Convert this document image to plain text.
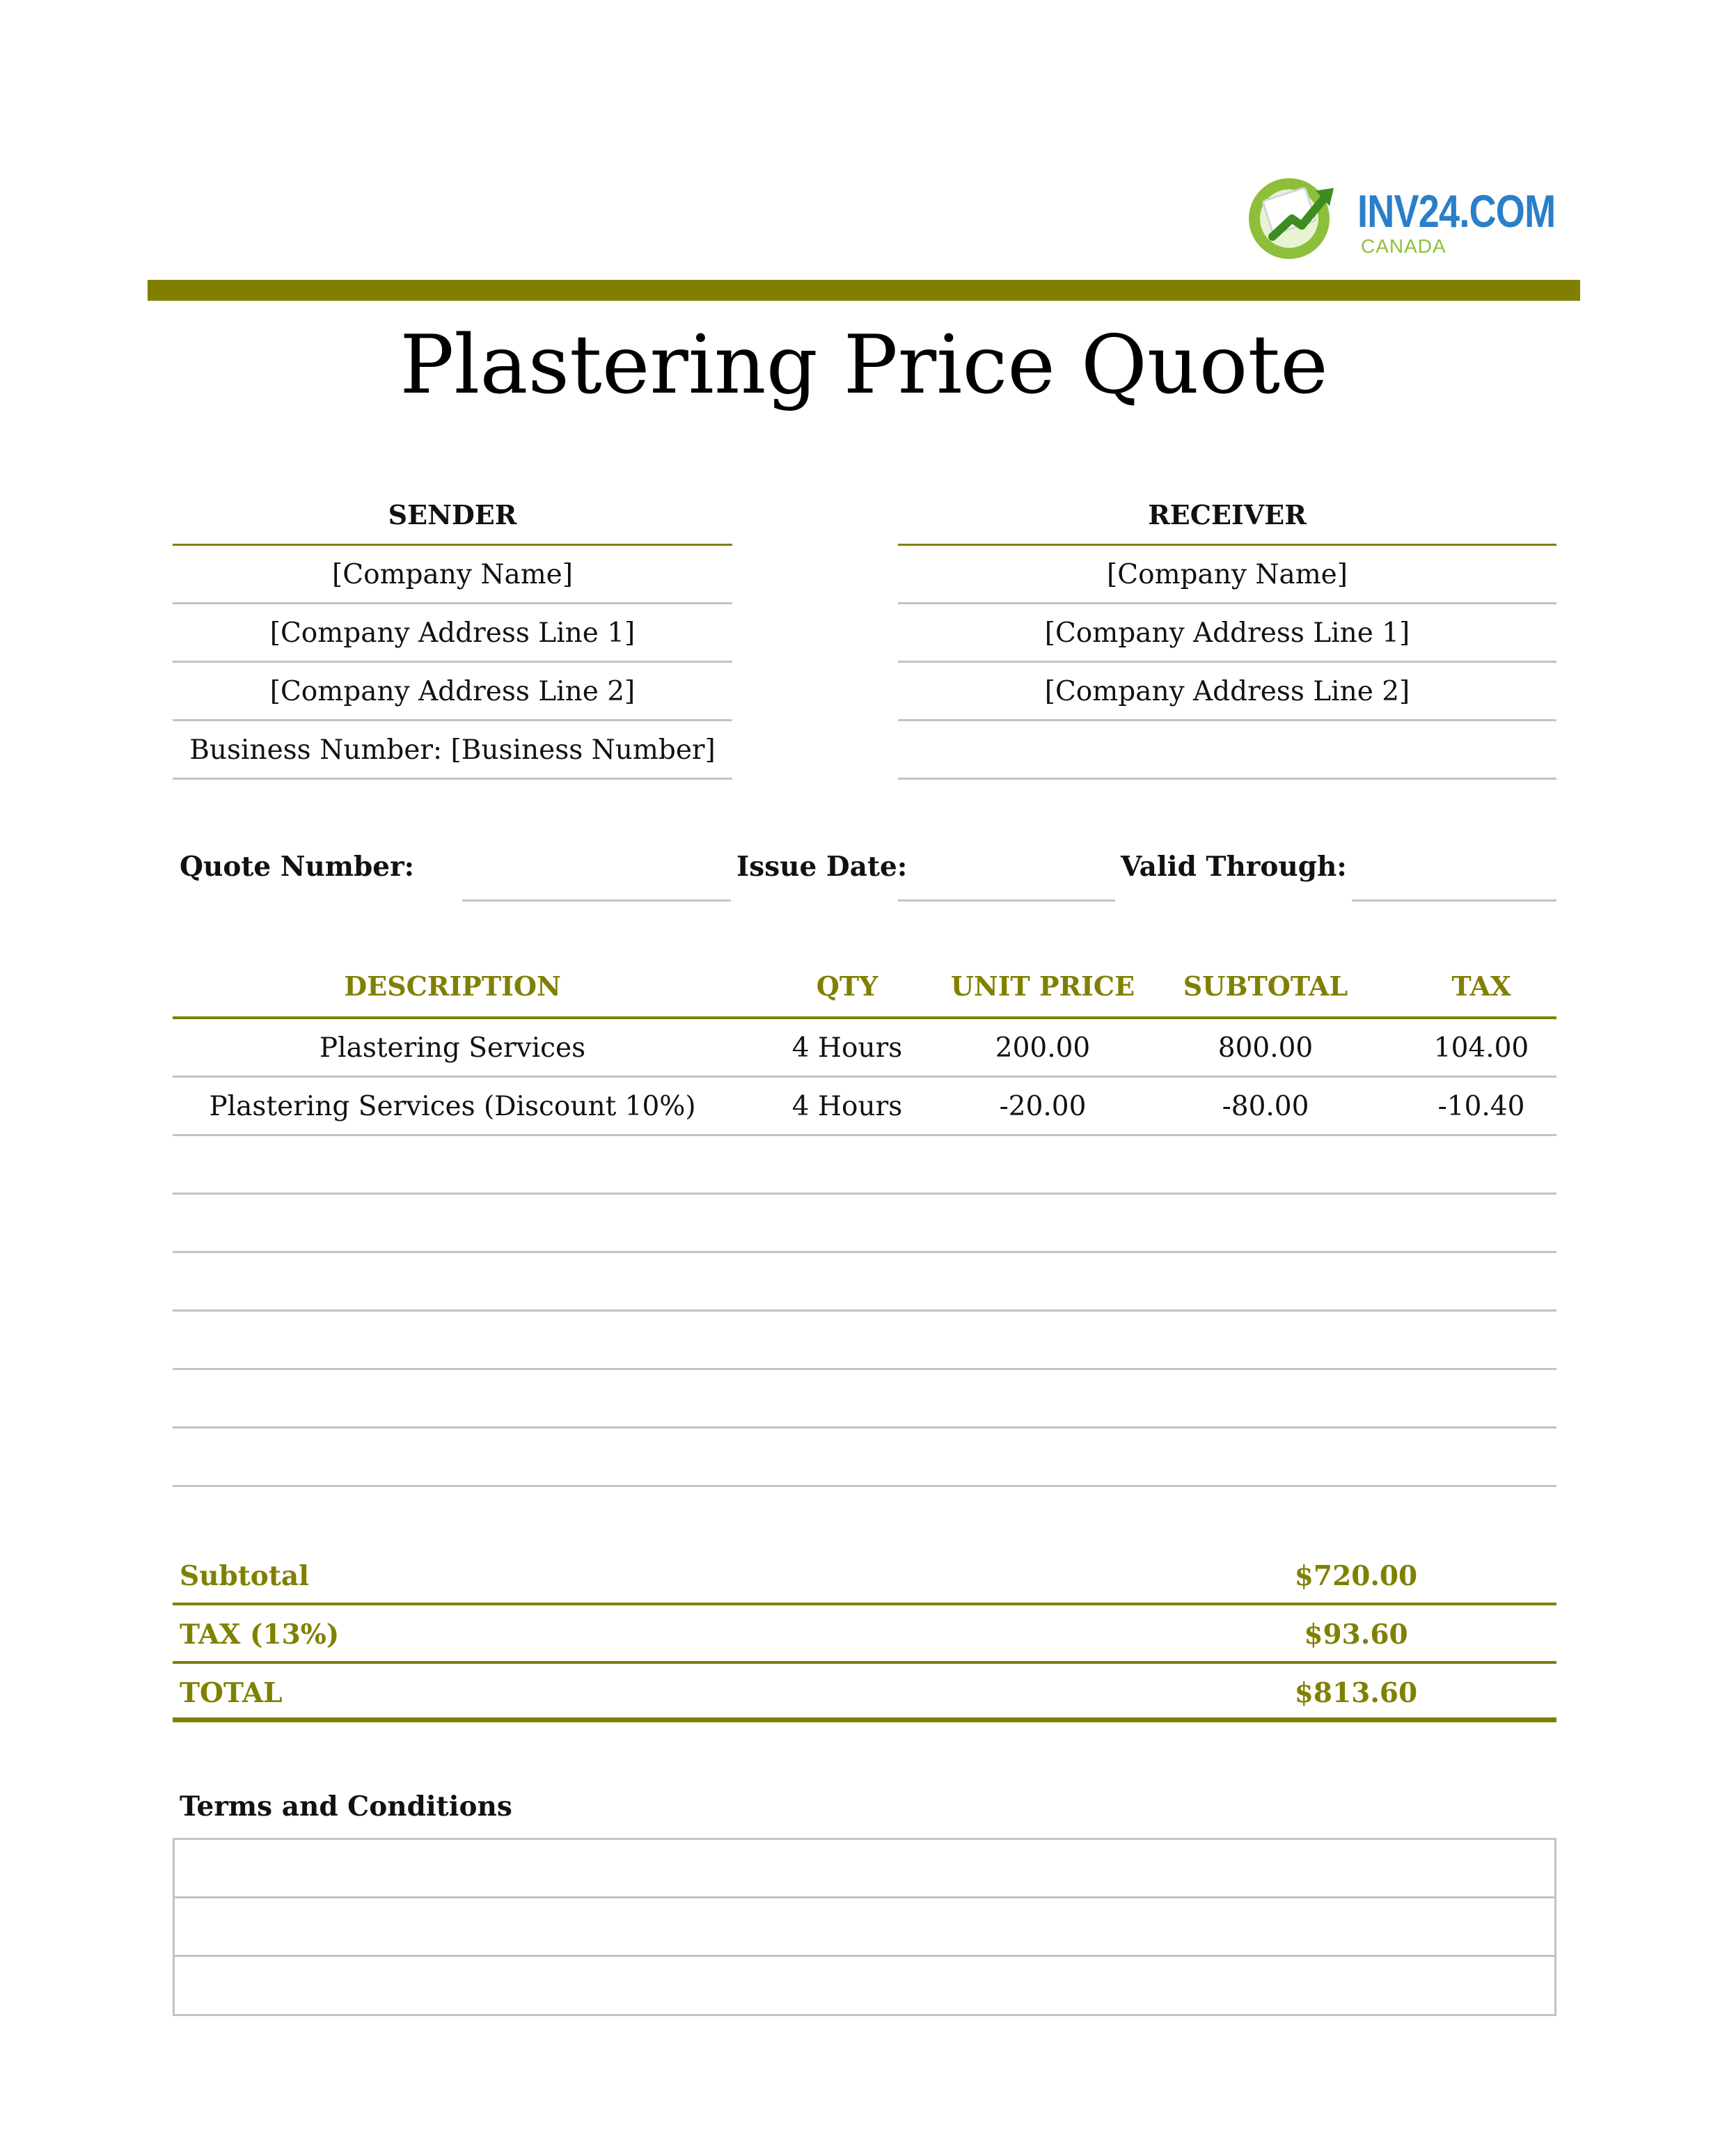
INV24.COM
CANADA
Plastering Price Quote
SENDER
[Company Name]
[Company Address Line 1]
[Company Address Line 2]
Business Number: [Business Number]
RECEIVER
[Company Name]
[Company Address Line 1]
[Company Address Line 2]
Quote Number:	Issue Date:	Valid Through:
DESCRIPTION	QTY	UNIT PRICE	SUBTOTAL	TAX
Plastering Services	4 Hours	200.00	800.00	104.00
Plastering Services (Discount 10%)	4 Hours	-20.00	-80.00	-10.40
Subtotal	$720.00
TAX (13%)	$93.60
TOTAL	$813.60
Terms and Conditions
